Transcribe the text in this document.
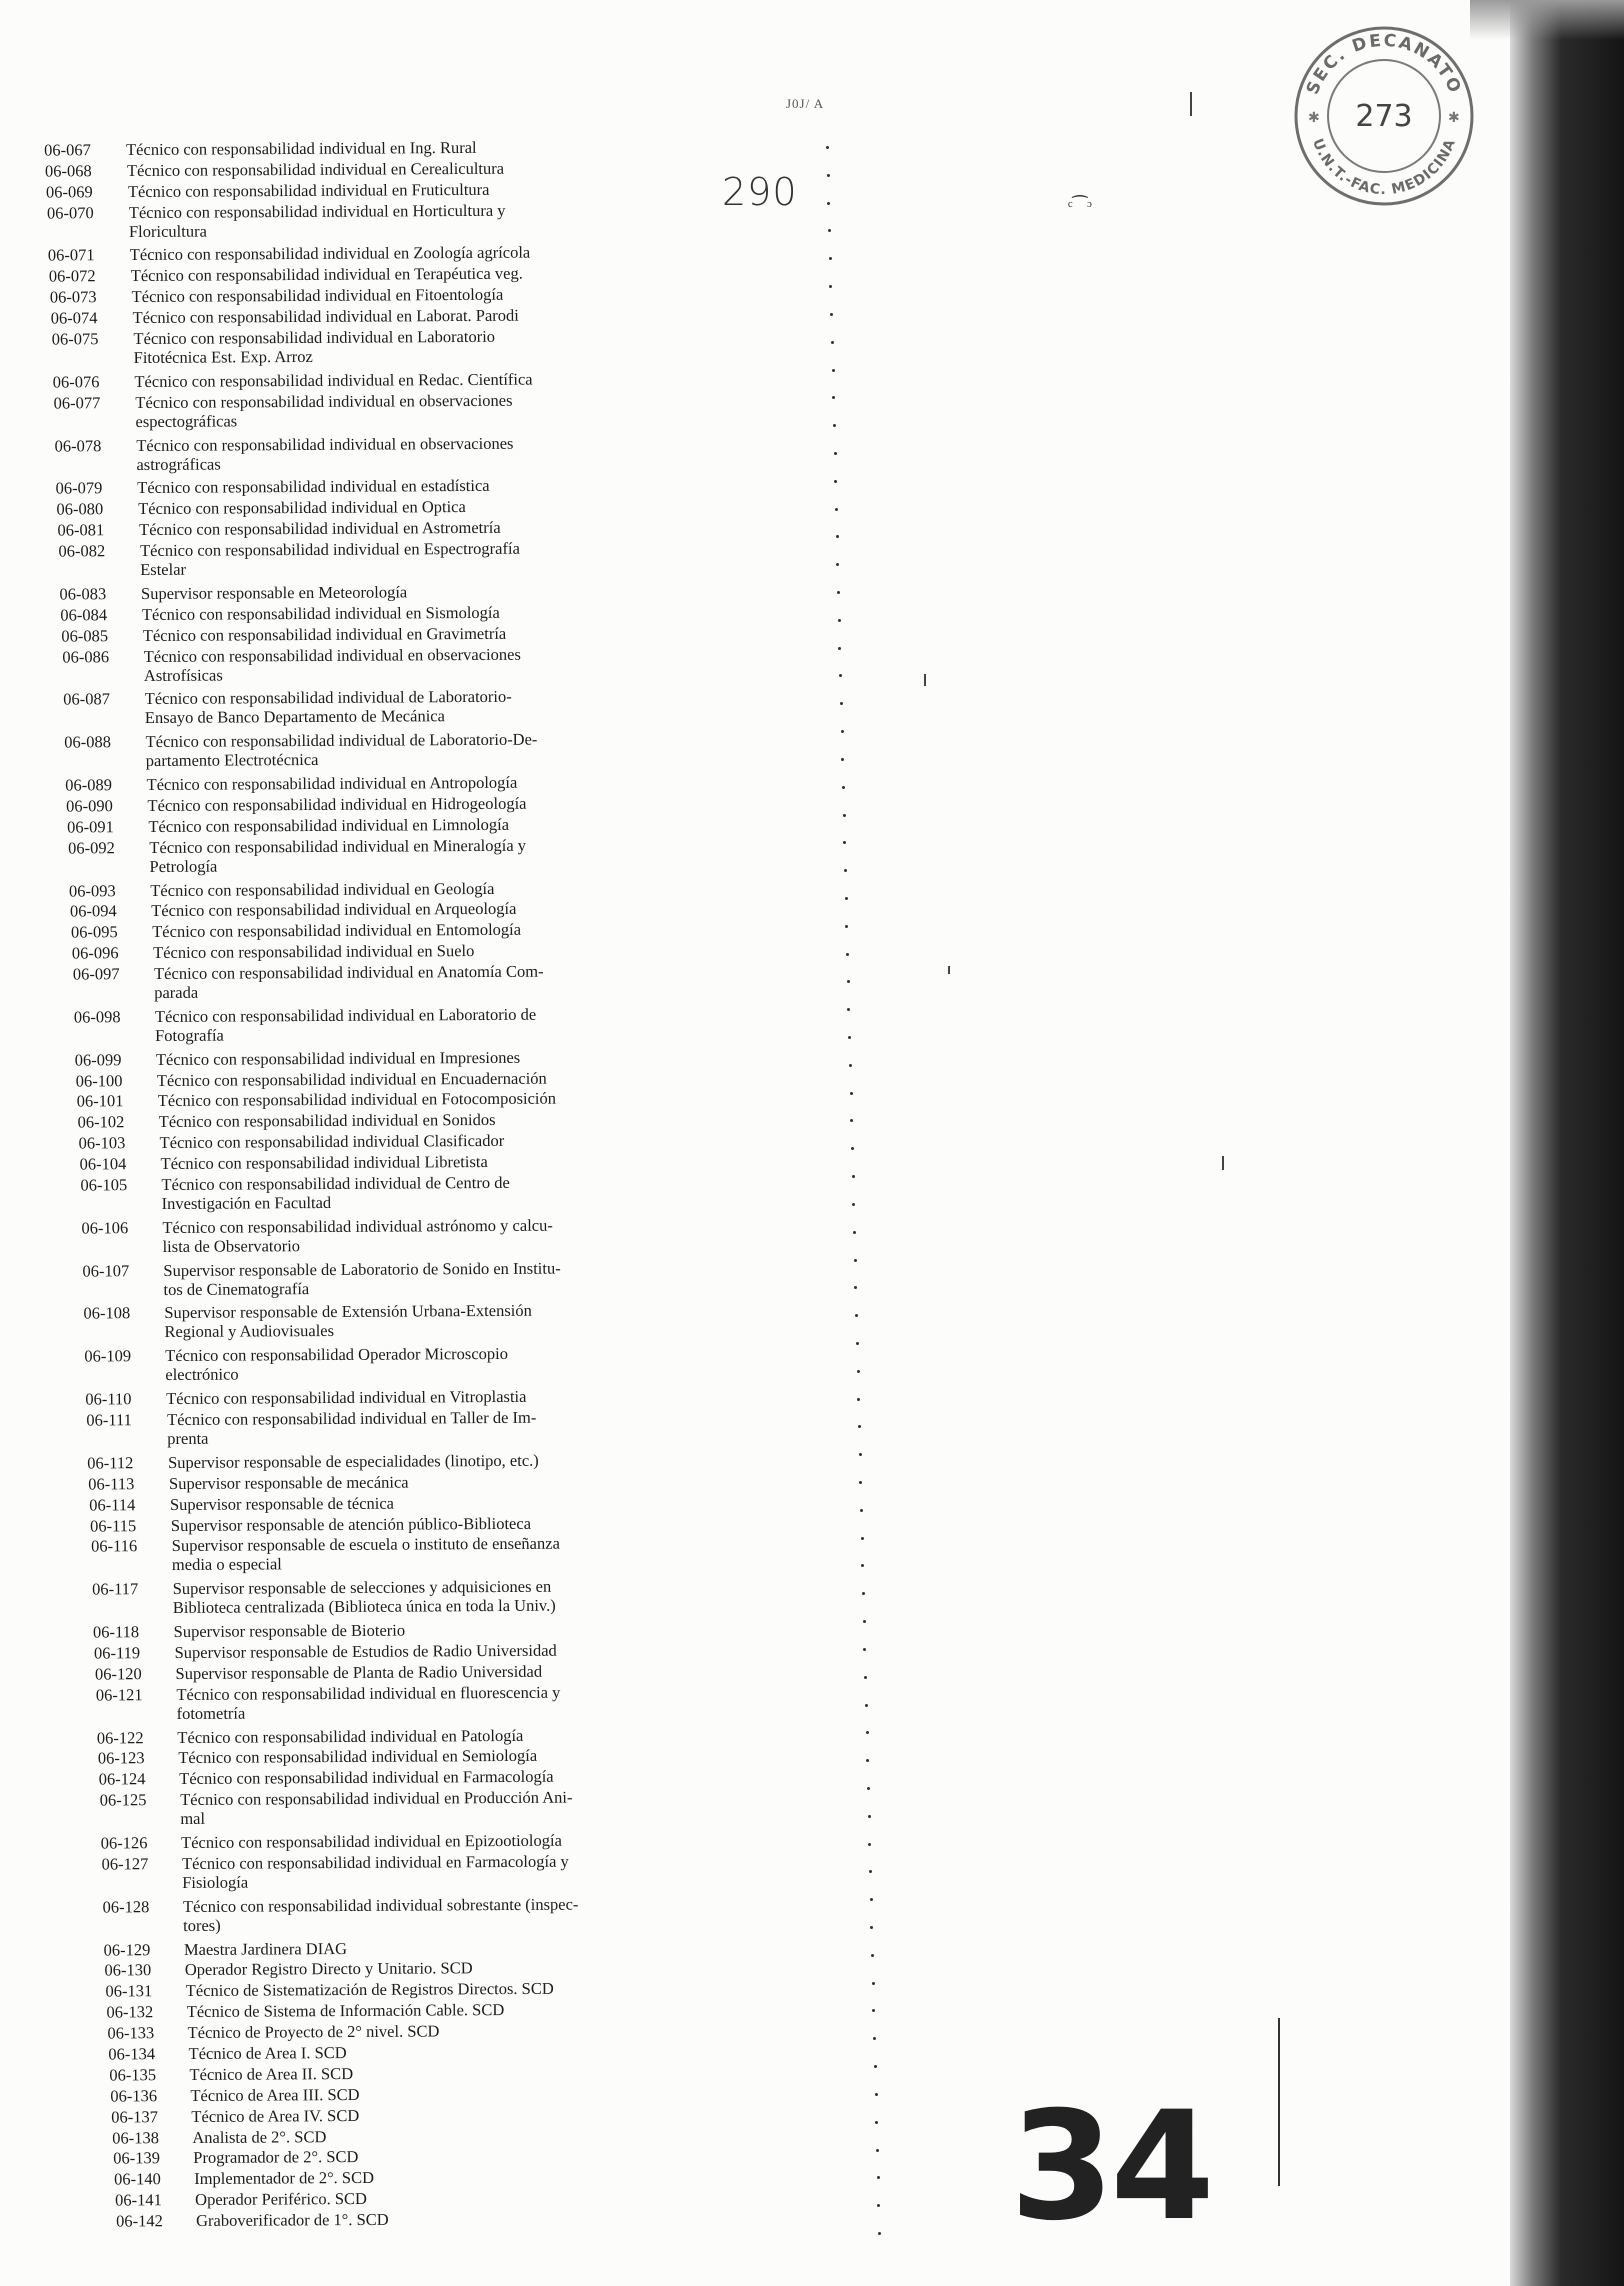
SEC. DECANATO
U.N.T.-FAC. MEDICINA
✱	✱
273
J0J/ A
290	ᶜ⁀ᵓ
34
06-067	Técnico con responsabilidad individual en Ing. Rural
06-068	Técnico con responsabilidad individual en Cerealicultura
06-069	Técnico con responsabilidad individual en Fruticultura
06-070	Técnico con responsabilidad individual en Horticultura y
Floricultura
06-071	Técnico con responsabilidad individual en Zoología agrícola
06-072	Técnico con responsabilidad individual en Terapéutica veg.
06-073	Técnico con responsabilidad individual en Fitoentología
06-074	Técnico con responsabilidad individual en Laborat. Parodi
06-075	Técnico con responsabilidad individual en Laboratorio
Fitotécnica Est. Exp. Arroz
06-076	Técnico con responsabilidad individual en Redac. Científica
06-077	Técnico con responsabilidad individual en observaciones
espectográficas
06-078	Técnico con responsabilidad individual en observaciones
astrográficas
06-079	Técnico con responsabilidad individual en estadística
06-080	Técnico con responsabilidad individual en Optica
06-081	Técnico con responsabilidad individual en Astrometría
06-082	Técnico con responsabilidad individual en Espectrografía
Estelar
06-083	Supervisor responsable en Meteorología
06-084	Técnico con responsabilidad individual en Sismología
06-085	Técnico con responsabilidad individual en Gravimetría
06-086	Técnico con responsabilidad individual en observaciones
Astrofísicas
06-087	Técnico con responsabilidad individual de Laboratorio-
Ensayo de Banco Departamento de Mecánica
06-088	Técnico con responsabilidad individual de Laboratorio-De-
partamento Electrotécnica
06-089	Técnico con responsabilidad individual en Antropología
06-090	Técnico con responsabilidad individual en Hidrogeología
06-091	Técnico con responsabilidad individual en Limnología
06-092	Técnico con responsabilidad individual en Mineralogía y
Petrología
06-093	Técnico con responsabilidad individual en Geología
06-094	Técnico con responsabilidad individual en Arqueología
06-095	Técnico con responsabilidad individual en Entomología
06-096	Técnico con responsabilidad individual en Suelo
06-097	Técnico con responsabilidad individual en Anatomía Com-
parada
06-098	Técnico con responsabilidad individual en Laboratorio de
Fotografía
06-099	Técnico con responsabilidad individual en Impresiones
06-100	Técnico con responsabilidad individual en Encuadernación
06-101	Técnico con responsabilidad individual en Fotocomposición
06-102	Técnico con responsabilidad individual en Sonidos
06-103	Técnico con responsabilidad individual Clasificador
06-104	Técnico con responsabilidad individual Libretista
06-105	Técnico con responsabilidad individual de Centro de
Investigación en Facultad
06-106	Técnico con responsabilidad individual astrónomo y calcu-
lista de Observatorio
06-107	Supervisor responsable de Laboratorio de Sonido en Institu-
tos de Cinematografía
06-108	Supervisor responsable de Extensión Urbana-Extensión
Regional y Audiovisuales
06-109	Técnico con responsabilidad Operador Microscopio
electrónico
06-110	Técnico con responsabilidad individual en Vitroplastia
06-111	Técnico con responsabilidad individual en Taller de Im-
prenta
06-112	Supervisor responsable de especialidades (linotipo, etc.)
06-113	Supervisor responsable de mecánica
06-114	Supervisor responsable de técnica
06-115	Supervisor responsable de atención público-Biblioteca
06-116	Supervisor responsable de escuela o instituto de enseñanza
media o especial
06-117	Supervisor responsable de selecciones y adquisiciones en
Biblioteca centralizada (Biblioteca única en toda la Univ.)
06-118	Supervisor responsable de Bioterio
06-119	Supervisor responsable de Estudios de Radio Universidad
06-120	Supervisor responsable de Planta de Radio Universidad
06-121	Técnico con responsabilidad individual en fluorescencia y
fotometría
06-122	Técnico con responsabilidad individual en Patología
06-123	Técnico con responsabilidad individual en Semiología
06-124	Técnico con responsabilidad individual en Farmacología
06-125	Técnico con responsabilidad individual en Producción Ani-
mal
06-126	Técnico con responsabilidad individual en Epizootiología
06-127	Técnico con responsabilidad individual en Farmacología y
Fisiología
06-128	Técnico con responsabilidad individual sobrestante (inspec-
tores)
06-129	Maestra Jardinera DIAG
06-130	Operador Registro Directo y Unitario. SCD
06-131	Técnico de Sistematización de Registros Directos. SCD
06-132	Técnico de Sistema de Información Cable. SCD
06-133	Técnico de Proyecto de 2° nivel. SCD
06-134	Técnico de Area I. SCD
06-135	Técnico de Area II. SCD
06-136	Técnico de Area III. SCD
06-137	Técnico de Area IV. SCD
06-138	Analista de 2°. SCD
06-139	Programador de 2°. SCD
06-140	Implementador de 2°. SCD
06-141	Operador Periférico. SCD
06-142	Graboverificador de 1°. SCD
